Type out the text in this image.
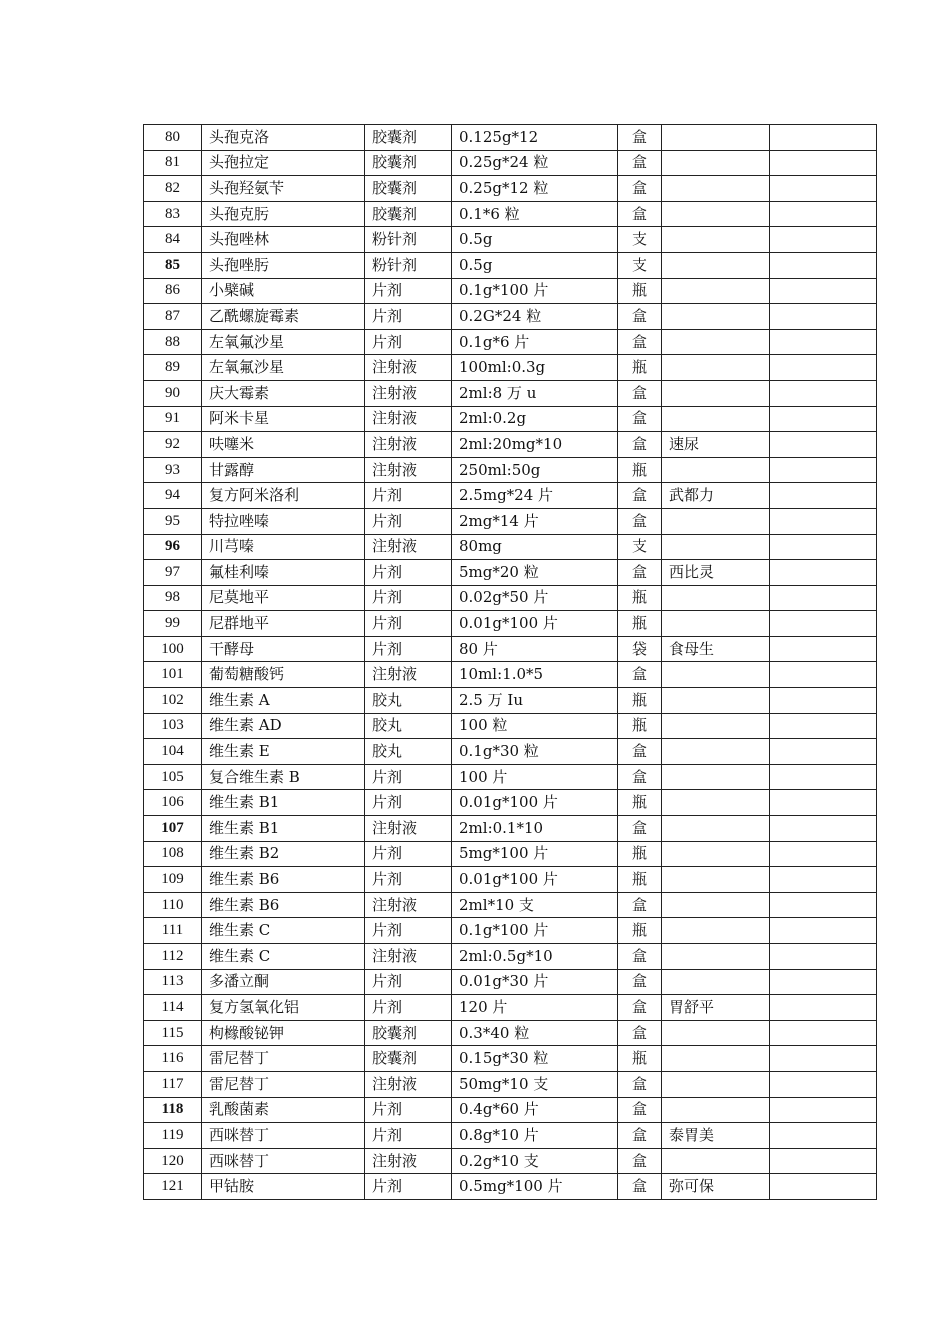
80	头孢克洛	胶囊剂	0.125g*12	盒		
81	头孢拉定	胶囊剂	0.25g*24 粒	盒		
82	头孢羟氨苄	胶囊剂	0.25g*12 粒	盒		
83	头孢克肟	胶囊剂	0.1*6 粒	盒		
84	头孢唑林	粉针剂	0.5g	支		
85	头孢唑肟	粉针剂	0.5g	支		
86	小檗碱	片剂	0.1g*100 片	瓶		
87	乙酰螺旋霉素	片剂	0.2G*24 粒	盒		
88	左氧氟沙星	片剂	0.1g*6 片	盒		
89	左氧氟沙星	注射液	100ml:0.3g	瓶		
90	庆大霉素	注射液	2ml:8 万 u	盒		
91	阿米卡星	注射液	2ml:0.2g	盒		
92	呋噻米	注射液	2ml:20mg*10	盒	速尿	
93	甘露醇	注射液	250ml:50g	瓶		
94	复方阿米洛利	片剂	2.5mg*24 片	盒	武都力	
95	特拉唑嗪	片剂	2mg*14 片	盒		
96	川芎嗪	注射液	80mg	支		
97	氟桂利嗪	片剂	5mg*20 粒	盒	西比灵	
98	尼莫地平	片剂	0.02g*50 片	瓶		
99	尼群地平	片剂	0.01g*100 片	瓶		
100	干酵母	片剂	80 片	袋	食母生	
101	葡萄糖酸钙	注射液	10ml:1.0*5	盒		
102	维生素 A	胶丸	2.5 万 Iu	瓶		
103	维生素 AD	胶丸	100 粒	瓶		
104	维生素 E	胶丸	0.1g*30 粒	盒		
105	复合维生素 B	片剂	100 片	盒		
106	维生素 B1	片剂	0.01g*100 片	瓶		
107	维生素 B1	注射液	2ml:0.1*10	盒		
108	维生素 B2	片剂	5mg*100 片	瓶		
109	维生素 B6	片剂	0.01g*100 片	瓶		
110	维生素 B6	注射液	2ml*10 支	盒		
111	维生素 C	片剂	0.1g*100 片	瓶		
112	维生素 C	注射液	2ml:0.5g*10	盒		
113	多潘立酮	片剂	0.01g*30 片	盒		
114	复方氢氧化铝	片剂	120 片	盒	胃舒平	
115	枸橼酸铋钾	胶囊剂	0.3*40 粒	盒		
116	雷尼替丁	胶囊剂	0.15g*30 粒	瓶		
117	雷尼替丁	注射液	50mg*10 支	盒		
118	乳酸菌素	片剂	0.4g*60 片	盒		
119	西咪替丁	片剂	0.8g*10 片	盒	泰胃美	
120	西咪替丁	注射液	0.2g*10 支	盒		
121	甲钴胺	片剂	0.5mg*100 片	盒	弥可保	
